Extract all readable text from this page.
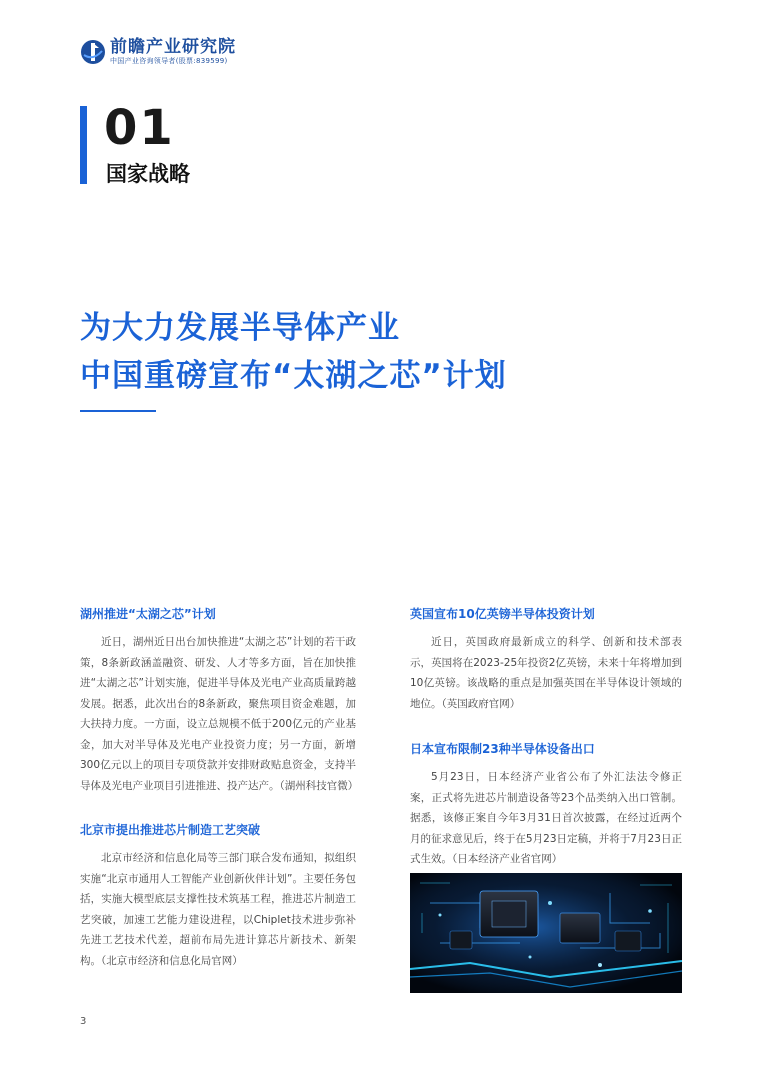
前瞻产业研究院
中国产业咨询领导者(股票:839599)
01
国家战略
为大力发展半导体产业
中国重磅宣布“太湖之芯”计划
湖州推进“太湖之芯”计划

近日，湖州近日出台加快推进“太湖之芯”计划的若干政策，8条新政涵盖融资、研发、人才等多方面，旨在加快推进“太湖之芯”计划实施，促进半导体及光电产业高质量跨越发展。据悉，此次出台的8条新政，聚焦项目资金难题，加大扶持力度。一方面，设立总规模不低于200亿元的产业基金，加大对半导体及光电产业投资力度；另一方面，新增300亿元以上的项目专项贷款并安排财政贴息资金，支持半导体及光电产业项目引进推进、投产达产。（湖州科技官微）

北京市提出推进芯片制造工艺突破

北京市经济和信息化局等三部门联合发布通知，拟组织实施“北京市通用人工智能产业创新伙伴计划”。主要任务包括，实施大模型底层支撑性技术筑基工程，推进芯片制造工艺突破，加速工艺能力建设进程，以Chiplet技术进步弥补先进工艺技术代差，超前布局先进计算芯片新技术、新架构。（北京市经济和信息化局官网）

英国宣布10亿英镑半导体投资计划

近日，英国政府最新成立的科学、创新和技术部表示，英国将在2023-25年投资2亿英镑，未来十年将增加到10亿英镑。该战略的重点是加强英国在半导体设计领域的地位。（英国政府官网）

日本宣布限制23种半导体设备出口

5月23日，日本经济产业省公布了外汇法法令修正案，正式将先进芯片制造设备等23个品类纳入出口管制。据悉，该修正案自今年3月31日首次披露，在经过近两个月的征求意见后，终于在5月23日定稿，并将于7月23日正式生效。（日本经济产业省官网）

3
